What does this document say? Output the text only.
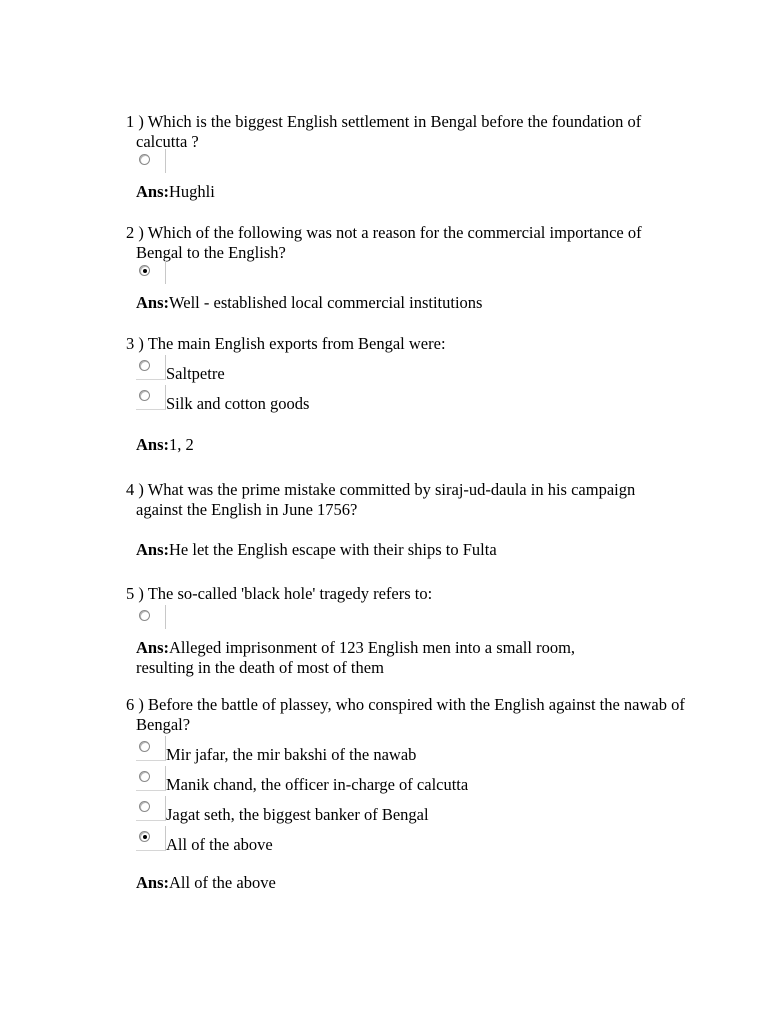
1 ) Which is the biggest English settlement in Bengal before the foundation of calcutta ?
Ans:Hughli
2 ) Which of the following was not a reason for the commercial importance of Bengal to the English?
Ans:Well - established local commercial institutions
3 ) The main English exports from Bengal were:
Saltpetre
Silk and cotton goods
Ans:1, 2
4 ) What was the prime mistake committed by siraj-ud-daula in his campaign against the English in June 1756?
Ans:He let the English escape with their ships to Fulta
5 ) The so-called 'black hole' tragedy refers to:
Ans:Alleged imprisonment of 123 English men into a small room, resulting in the death of most of them
6 ) Before the battle of plassey, who conspired with the English against the nawab of Bengal?
Mir jafar, the mir bakshi of the nawab
Manik chand, the officer in-charge of calcutta
Jagat seth, the biggest banker of Bengal
All of the above
Ans:All of the above
